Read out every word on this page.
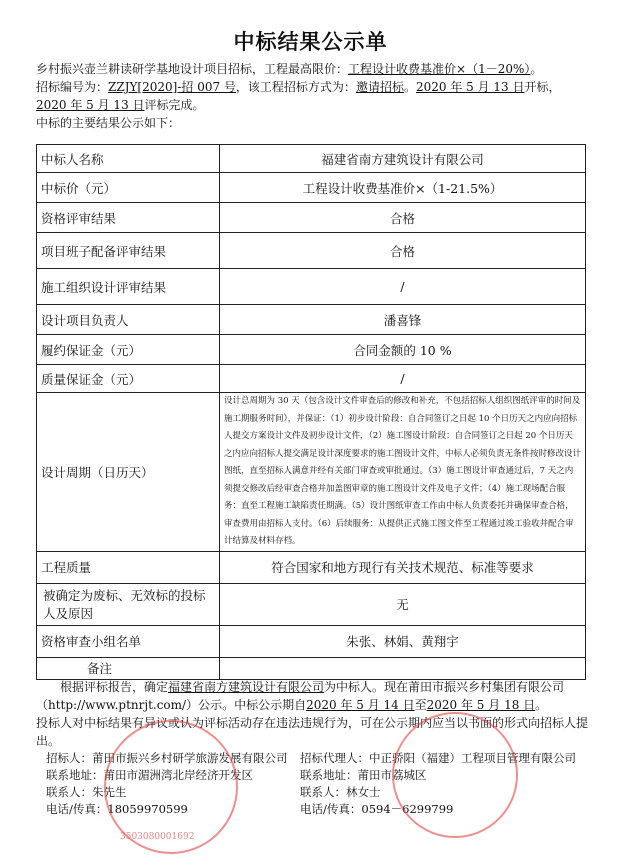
中标结果公示单

乡村振兴壶兰耕读研学基地设计项目招标，工程最高限价：工程设计收费基准价×（1－20%）。

招标编号为：ZZJY[2020]-招 007 号，该工程招标方式为：邀请招标。2020 年 5 月 13 日开标，

2020 年 5 月 13 日评标完成。

中标的主要结果公示如下：

中标人名称	福建省南方建筑设计有限公司
中标价（元）	工程设计收费基准价×（1-21.5%）
资格评审结果	合格
项目班子配备评审结果	合格
施工组织设计评审结果	/
设计项目负责人	潘喜锋
履约保证金（元）	合同金额的 10 %
质量保证金（元）	/
设计周期（日历天）	设计总周期为 30 天（包含设计文件审查后的修改和补充，不包括招标人组织图纸评审的时间及施工期服务时间），并保证：（1）初步设计阶段：自合同签订之日起 10 个日历天之内应向招标人提交方案设计文件及初步设计文件，（2）施工图设计阶段：自合同签订之日起 20 个日历天之内应向招标人提交满足设计深度要求的施工图设计文件，中标人必须负责无条件按时修改设计图纸，直至招标人满意并经有关部门审查或审批通过。（3）施工图设计审查通过后，7 天之内须提交修改后经审查合格并加盖图审章的施工图设计文件及电子文件；（4）施工现场配合服务：直至工程施工缺陷责任期满。（5）设计图纸审查工作由中标人负责委托并确保审查合格，审查费用由招标人支付。（6）后续服务：从提供正式施工图文件至工程通过竣工验收并配合审计结算及材料存档。
工程质量	符合国家和地方现行有关技术规范、标准等要求
被确定为废标、无效标的投标人及原因	无
资格审查小组名单	朱张、林娟、黄翔宇
备注	

根据评标报告，确定福建省南方建筑设计有限公司为中标人。现在莆田市振兴乡村集团有限公司（http://www.ptnrjt.com/）公示。中标公示期自2020 年 5 月 14 日至2020 年 5 月 18 日。

投标人对中标结果有异议或认为评标活动存在违法违规行为，可在公示期内应当以书面的形式向招标人提出。

招标人：莆田市振兴乡村研学旅游发展有限公司
联系地址：莆田市湄洲湾北岸经济开发区
联系人：朱先生
电话/传真：18059970599
招标代理人：中正骄阳（福建）工程项目管理有限公司
联系地址：莆田市荔城区
联系人：林女士
电话/传真：0594－6299799
3503080001692
